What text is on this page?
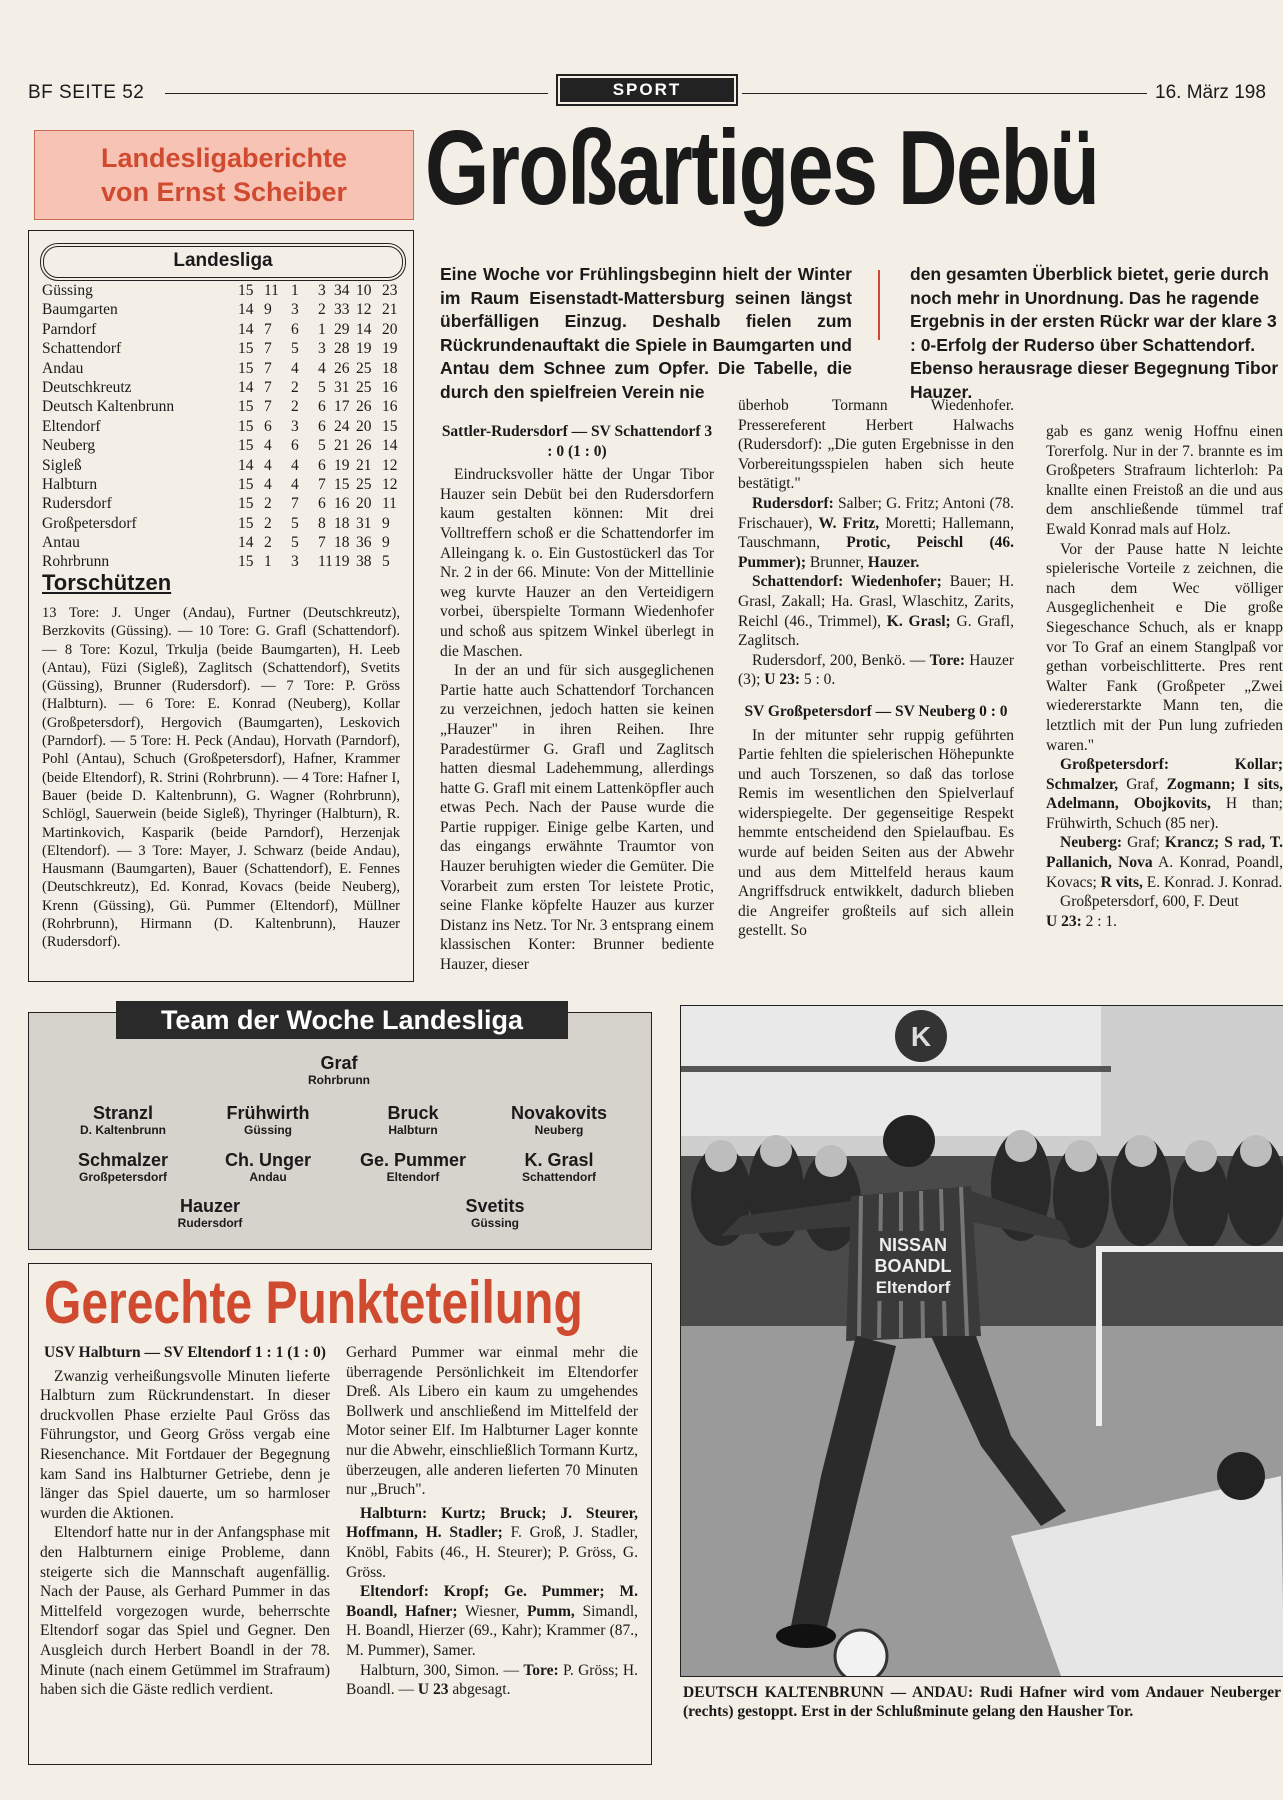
BF SEITE 52	SPORT	16. März 198
Landesligaberichte
von Ernst Scheiber Großartiges Debü
Landesliga
Güssing	15 11 1 3 34 10 23
Baumgarten	14 9 3 2 33 12 21
Parndorf	14 7 6 1 29 14 20
Schattendorf	15 7 5 3 28 19 19
Andau	15 7 4 4 26 25 18
Deutschkreutz	14 7 2 5 31 25 16
Deutsch Kaltenbrunn	15 7 2 6 17 26 16
Eltendorf	15 6 3 6 24 20 15
Neuberg	15 4 6 5 21 26 14
Sigleß	14 4 4 6 19 21 12
Halbturn	15 4 4 7 15 25 12
Rudersdorf	15 2 7 6 16 20 11
Großpetersdorf	15 2 5 8 18 31 9
Antau	14 2 5 7 18 36 9
Rohrbrunn	15 1 3 11 19 38 5
Torschützen
13 Tore: J. Unger (Andau), Furtner (Deutschkreutz), Berzkovits (Güssing). — 10 Tore: G. Grafl (Schattendorf). — 8 Tore: Kozul, Trkulja (beide Baumgarten), H. Leeb (Antau), Füzi (Sigleß), Zaglitsch (Schattendorf), Svetits (Güssing), Brunner (Rudersdorf). — 7 Tore: P. Gröss (Halbturn). — 6 Tore: E. Konrad (Neuberg), Kollar (Großpetersdorf), Hergovich (Baumgarten), Leskovich (Parndorf). — 5 Tore: H. Peck (Andau), Horvath (Parndorf), Pohl (Antau), Schuch (Großpetersdorf), Hafner, Krammer (beide Eltendorf), R. Strini (Rohrbrunn). — 4 Tore: Hafner I, Bauer (beide D. Kaltenbrunn), G. Wagner (Rohrbrunn), Schlögl, Sauerwein (beide Sigleß), Thyringer (Halbturn), R. Martinkovich, Kasparik (beide Parndorf), Herzenjak (Eltendorf). — 3 Tore: Mayer, J. Schwarz (beide Andau), Hausmann (Baumgarten), Bauer (Schattendorf), E. Fennes (Deutschkreutz), Ed. Konrad, Kovacs (beide Neuberg), Krenn (Güssing), Gü. Pummer (Eltendorf), Müllner (Rohrbrunn), Hirmann (D. Kaltenbrunn), Hauzer (Rudersdorf).
Eine Woche vor Frühlingsbeginn hielt der Winter im Raum Eisenstadt-Mattersburg seinen längst überfälligen Einzug. Deshalb fielen zum Rückrundenauftakt die Spiele in Baumgarten und Antau dem Schnee zum Opfer. Die Tabelle, die durch den spielfreien Verein nie
den gesamten Überblick bietet, gerie durch noch mehr in Unordnung. Das he ragende Ergebnis in der ersten Rückr war der klare 3 : 0-Erfolg der Ruderso über Schattendorf. Ebenso herausrage dieser Begegnung Tibor Hauzer.

Sattler-Rudersdorf — SV Schattendorf 3 : 0 (1 : 0)

Eindrucksvoller hätte der Ungar Tibor Hauzer sein Debüt bei den Rudersdorfern kaum gestalten können: Mit drei Volltreffern schoß er die Schattendorfer im Alleingang k. o. Ein Gustostückerl das Tor Nr. 2 in der 66. Minute: Von der Mittellinie weg kurvte Hauzer an den Verteidigern vorbei, überspielte Tormann Wiedenhofer und schoß aus spitzem Winkel überlegt in die Maschen.

In der an und für sich ausgeglichenen Partie hatte auch Schattendorf Torchancen zu verzeichnen, jedoch hatten sie keinen „Hauzer" in ihren Reihen. Ihre Paradestürmer G. Grafl und Zaglitsch hatten diesmal Ladehemmung, allerdings hatte G. Grafl mit einem Lattenköpfler auch etwas Pech. Nach der Pause wurde die Partie ruppiger. Einige gelbe Karten, und das eingangs erwähnte Traumtor von Hauzer beruhigten wieder die Gemüter. Die Vorarbeit zum ersten Tor leistete Protic, seine Flanke köpfelte Hauzer aus kurzer Distanz ins Netz. Tor Nr. 3 entsprang einem klassischen Konter: Brunner bediente Hauzer, dieser

überhob Tormann Wiedenhofer. Pressereferent Herbert Halwachs (Rudersdorf): „Die guten Ergebnisse in den Vorbereitungsspielen haben sich heute bestätigt."

Rudersdorf: Salber; G. Fritz; Antoni (78. Frischauer), W. Fritz, Moretti; Hallemann, Tauschmann, Protic, Peischl (46. Pummer); Brunner, Hauzer.

Schattendorf: Wiedenhofer; Bauer; H. Grasl, Zakall; Ha. Grasl, Wlaschitz, Zarits, Reichl (46., Trimmel), K. Grasl; G. Grafl, Zaglitsch.

Rudersdorf, 200, Benkö. — Tore: Hauzer (3); U 23: 5 : 0.

SV Großpetersdorf — SV Neuberg 0 : 0

In der mitunter sehr ruppig geführten Partie fehlten die spielerischen Höhepunkte und auch Torszenen, so daß das torlose Remis im wesentlichen den Spielverlauf widerspiegelte. Der gegenseitige Respekt hemmte entscheidend den Spielaufbau. Es wurde auf beiden Seiten aus der Abwehr und aus dem Mittelfeld heraus kaum Angriffsdruck entwikkelt, dadurch blieben die Angreifer großteils auf sich allein gestellt. So

gab es ganz wenig Hoffnu einen Torerfolg. Nur in der 7. brannte es im Großpeters Strafraum lichterloh: Pa knallte einen Freistoß an die und aus dem anschließende tümmel traf Ewald Konrad mals auf Holz.

Vor der Pause hatte N leichte spielerische Vorteile z zeichnen, die nach dem Wec völliger Ausgeglichenheit e Die große Siegeschance Schuch, als er knapp vor To Graf an einem Stanglpaß vor gethan vorbeischlitterte. Pres rent Walter Fank (Großpeter „Zwei wiedererstarkte Mann ten, die letztlich mit der Pun lung zufrieden waren."

Großpetersdorf: Kollar; Schmalzer, Graf, Zogmann; I sits, Adelmann, Obojkovits, H than; Frühwirth, Schuch (85 ner).

Neuberg: Graf; Krancz; S rad, T. Pallanich, Nova A. Konrad, Poandl, Kovacs; R vits, E. Konrad. J. Konrad.

Großpetersdorf, 600, F. Deut

U 23: 2 : 1.

Team der Woche Landesliga
Graf
Rohrbrunn
Stranzl
D. Kaltenbrunn
Frühwirth
Güssing
Bruck
Halbturn
Novakovits
Neuberg
Schmalzer
Großpetersdorf
Ch. Unger
Andau
Ge. Pummer
Eltendorf
K. Grasl
Schattendorf
Hauzer
Rudersdorf
Svetits
Güssing
Gerechte Punkteteilung

USV Halbturn — SV Eltendorf 1 : 1 (1 : 0)

Zwanzig verheißungsvolle Minuten lieferte Halbturn zum Rückrundenstart. In dieser druckvollen Phase erzielte Paul Gröss das Führungstor, und Georg Gröss vergab eine Riesenchance. Mit Fortdauer der Begegnung kam Sand ins Halbturner Getriebe, denn je länger das Spiel dauerte, um so harmloser wurden die Aktionen.

Eltendorf hatte nur in der Anfangsphase mit den Halbturnern einige Probleme, dann steigerte sich die Mannschaft augenfällig. Nach der Pause, als Gerhard Pummer in das Mittelfeld vorgezogen wurde, beherrschte Eltendorf sogar das Spiel und Gegner. Den Ausgleich durch Herbert Boandl in der 78. Minute (nach einem Getümmel im Strafraum) haben sich die Gäste redlich verdient.

Gerhard Pummer war einmal mehr die überragende Persönlichkeit im Eltendorfer Dreß. Als Libero ein kaum zu umgehendes Bollwerk und anschließend im Mittelfeld der Motor seiner Elf. Im Halbturner Lager konnte nur die Abwehr, einschließlich Tormann Kurtz, überzeugen, alle anderen lieferten 70 Minuten nur „Bruch".

Halbturn: Kurtz; Bruck; J. Steurer, Hoffmann, H. Stadler; F. Groß, J. Stadler, Knöbl, Fabits (46., H. Steurer); P. Gröss, G. Gröss.

Eltendorf: Kropf; Ge. Pummer; M. Boandl, Hafner; Wiesner, Pumm, Simandl, H. Boandl, Hierzer (69., Kahr); Krammer (87., M. Pummer), Samer.

Halbturn, 300, Simon. — Tore: P. Gröss; H. Boandl. — U 23 abgesagt.

K
NISSAN
BOANDL
Eltendorf
DEUTSCH KALTENBRUNN — ANDAU: Rudi Hafner wird vom Andauer Neuberger (rechts) gestoppt. Erst in der Schlußminute gelang den Hausher Tor.
